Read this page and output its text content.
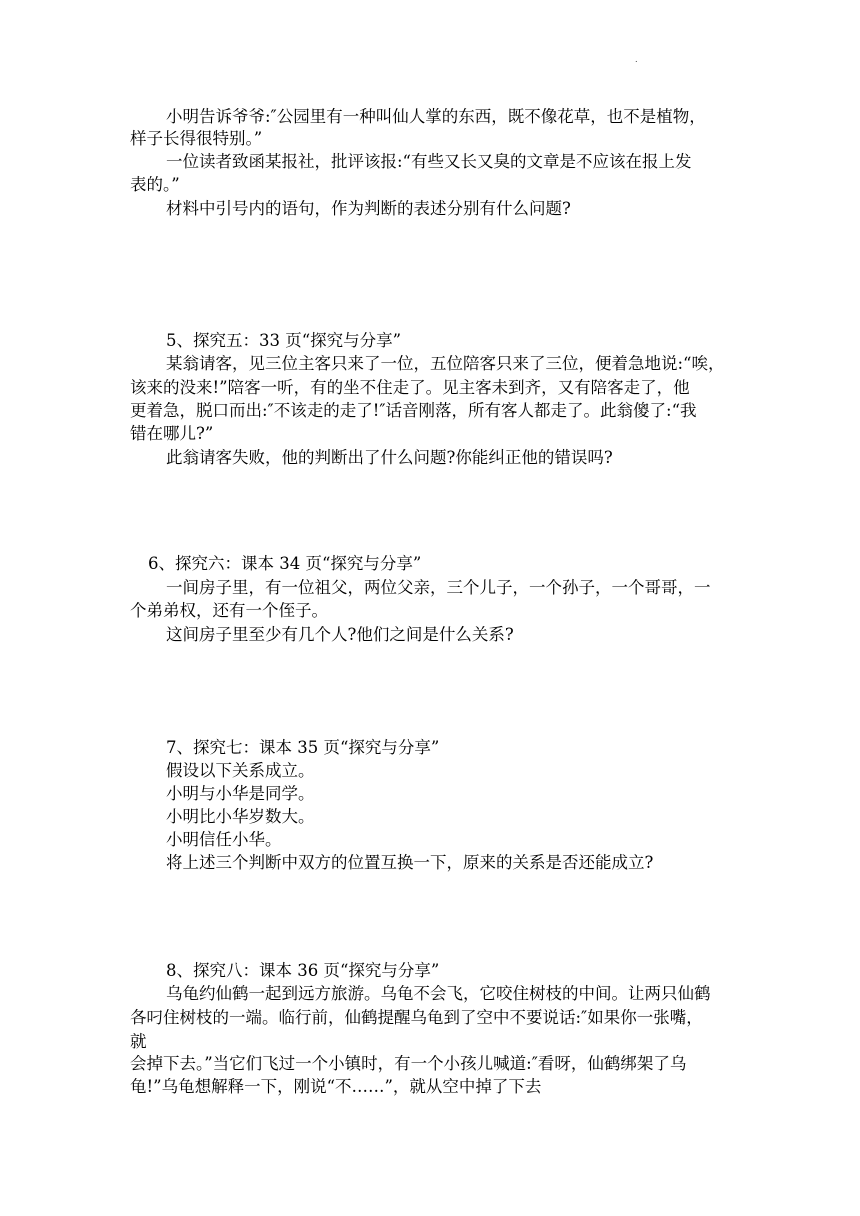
.

小明告诉爷爷:″公园里有一种叫仙人掌的东西，既不像花草，也不是植物，

样子长得很特别。”

一位读者致函某报社，批评该报:“有些又长又臭的文章是不应该在报上发

表的。”

材料中引号内的语句，作为判断的表述分别有什么问题?

5、探究五：33 页“探究与分享”

某翁请客，见三位主客只来了一位，五位陪客只来了三位，便着急地说:“唉，

该来的没来!”陪客一听，有的坐不住走了。见主客未到齐，又有陪客走了，他

更着急，脱口而出:″不该走的走了!″话音刚落，所有客人都走了。此翁傻了:“我

错在哪儿?”

此翁请客失败，他的判断出了什么问题?你能纠正他的错误吗?

6、探究六：课本 34 页“探究与分享”

一间房子里，有一位祖父，两位父亲，三个儿子，一个孙子，一个哥哥，一

个弟弟权，还有一个侄子。

这间房子里至少有几个人?他们之间是什么关系?

7、探究七：课本 35 页“探究与分享”

假设以下关系成立。

小明与小华是同学。

小明比小华岁数大。

小明信任小华。

将上述三个判断中双方的位置互换一下，原来的关系是否还能成立?

8、探究八：课本 36 页“探究与分享”

乌龟约仙鹤一起到远方旅游。乌龟不会飞，它咬住树枝的中间。让两只仙鹤

各叼住树枝的一端。临行前，仙鹤提醒乌龟到了空中不要说话:″如果你一张嘴，

就

会掉下去。”当它们飞过一个小镇时，有一个小孩儿喊道:″看呀，仙鹤绑架了乌

龟!”乌龟想解释一下，刚说“不……”，就从空中掉了下去
